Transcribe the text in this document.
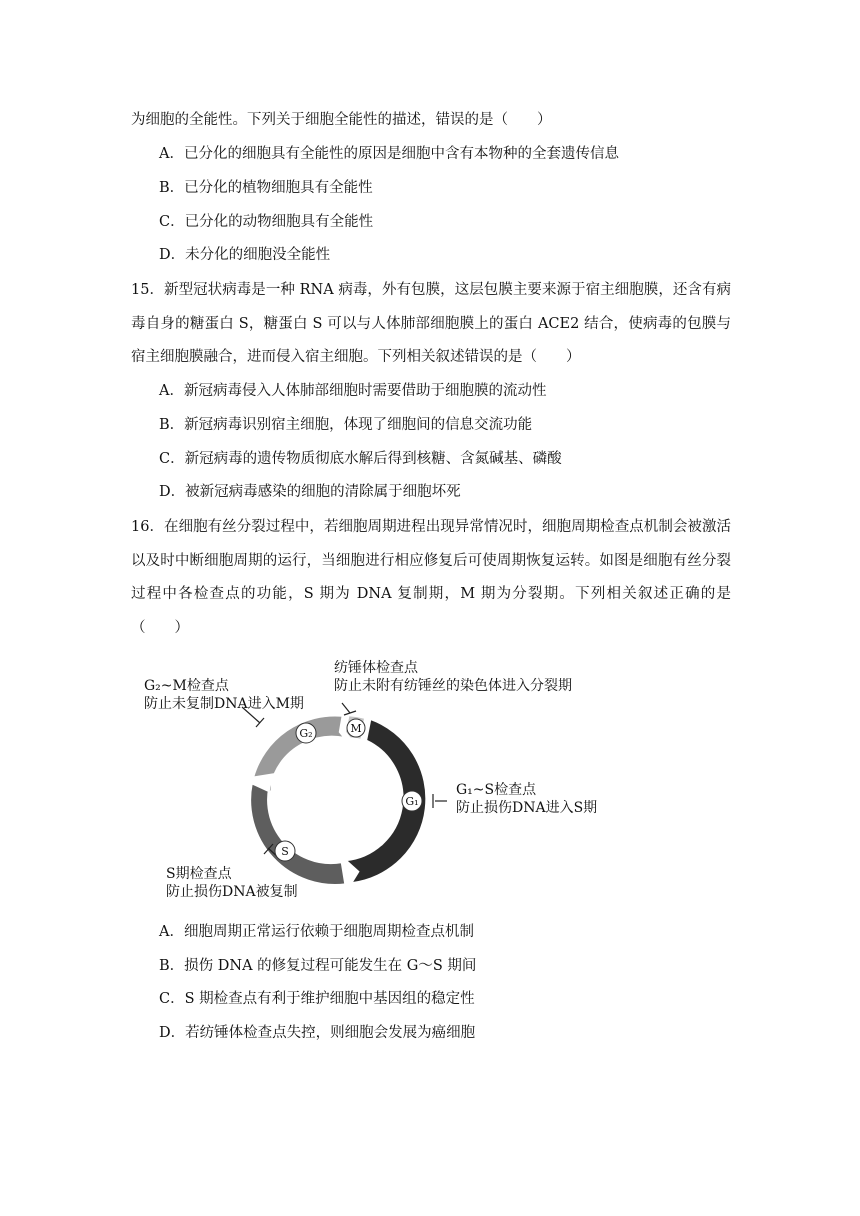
为细胞的全能性。下列关于细胞全能性的描述，错误的是（　　）
A．已分化的细胞具有全能性的原因是细胞中含有本物种的全套遗传信息
B．已分化的植物细胞具有全能性
C．已分化的动物细胞具有全能性
D．未分化的细胞没全能性
15．新型冠状病毒是一种 RNA 病毒，外有包膜，这层包膜主要来源于宿主细胞膜，还含有病毒自身的糖蛋白 S，糖蛋白 S 可以与人体肺部细胞膜上的蛋白 ACE2 结合，使病毒的包膜与宿主细胞膜融合，进而侵入宿主细胞。下列相关叙述错误的是（　　）
A．新冠病毒侵入人体肺部细胞时需要借助于细胞膜的流动性
B．新冠病毒识别宿主细胞，体现了细胞间的信息交流功能
C．新冠病毒的遗传物质彻底水解后得到核糖、含氮碱基、磷酸
D．被新冠病毒感染的细胞的清除属于细胞坏死
16．在细胞有丝分裂过程中，若细胞周期进程出现异常情况时，细胞周期检查点机制会被激活以及时中断细胞周期的运行，当细胞进行相应修复后可使周期恢复运转。如图是细胞有丝分裂过程中各检查点的功能，S 期为 DNA 复制期，M 期为分裂期。下列相关叙述正确的是（　　）
G₂	M
G₁
S
G₂~M检查点
防止未复制DNA进入M期
纺锤体检查点
防止未附有纺锤丝的染色体进入分裂期
G₁~S检查点
防止损伤DNA进入S期
S期检查点
防止损伤DNA被复制
A．细胞周期正常运行依赖于细胞周期检查点机制
B．损伤 DNA 的修复过程可能发生在 G～S 期间
C．S 期检查点有利于维护细胞中基因组的稳定性
D．若纺锤体检查点失控，则细胞会发展为癌细胞
